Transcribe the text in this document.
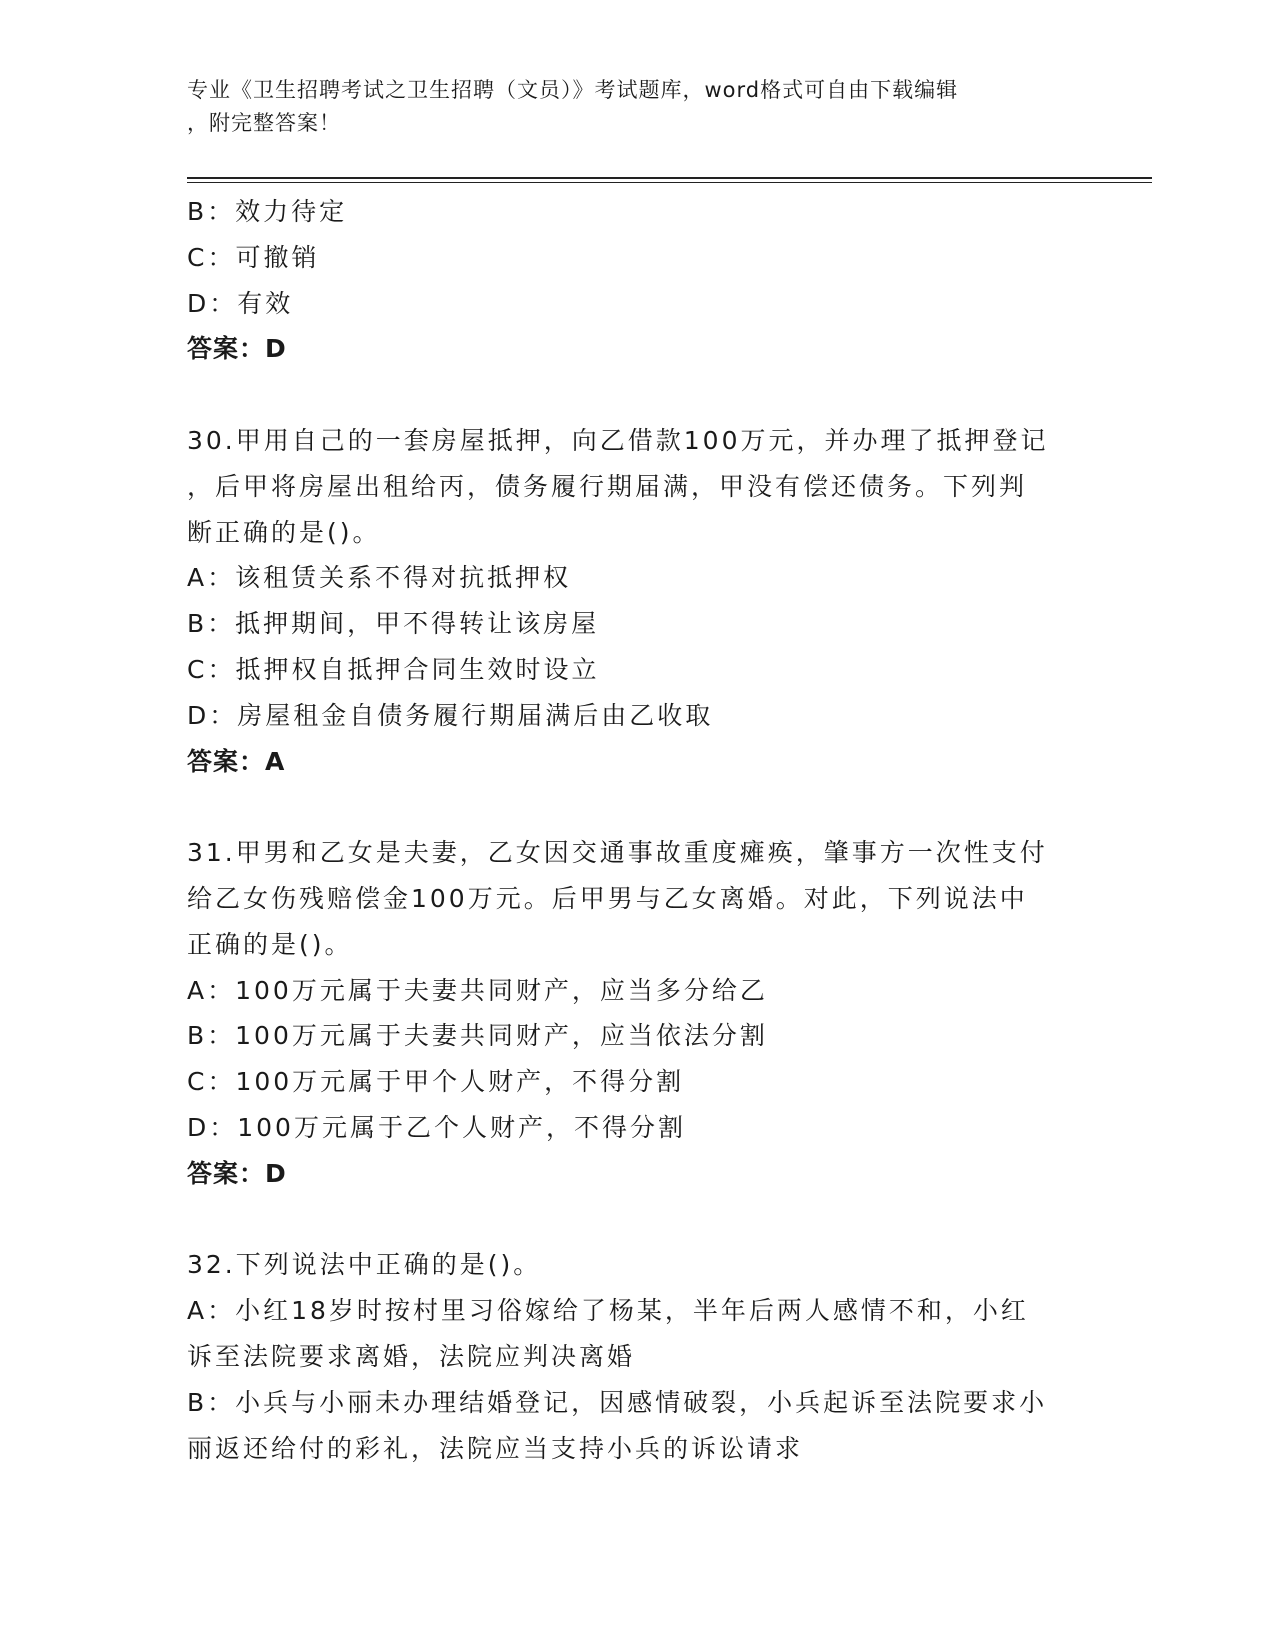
专业《卫生招聘考试之卫生招聘（文员）》考试题库，word格式可自由下载编辑
，附完整答案！
B：效力待定
C：可撤销
D：有效
答案：D
30.甲用自己的一套房屋抵押，向乙借款100万元，并办理了抵押登记
，后甲将房屋出租给丙，债务履行期届满，甲没有偿还债务。下列判
断正确的是()。
A：该租赁关系不得对抗抵押权
B：抵押期间，甲不得转让该房屋
C：抵押权自抵押合同生效时设立
D：房屋租金自债务履行期届满后由乙收取
答案：A
31.甲男和乙女是夫妻，乙女因交通事故重度瘫痪，肇事方一次性支付
给乙女伤残赔偿金100万元。后甲男与乙女离婚。对此，下列说法中
正确的是()。
A：100万元属于夫妻共同财产，应当多分给乙
B：100万元属于夫妻共同财产，应当依法分割
C：100万元属于甲个人财产，不得分割
D：100万元属于乙个人财产，不得分割
答案：D
32.下列说法中正确的是()。
A：小红18岁时按村里习俗嫁给了杨某，半年后两人感情不和，小红
诉至法院要求离婚，法院应判决离婚
B：小兵与小丽未办理结婚登记，因感情破裂，小兵起诉至法院要求小
丽返还给付的彩礼，法院应当支持小兵的诉讼请求
